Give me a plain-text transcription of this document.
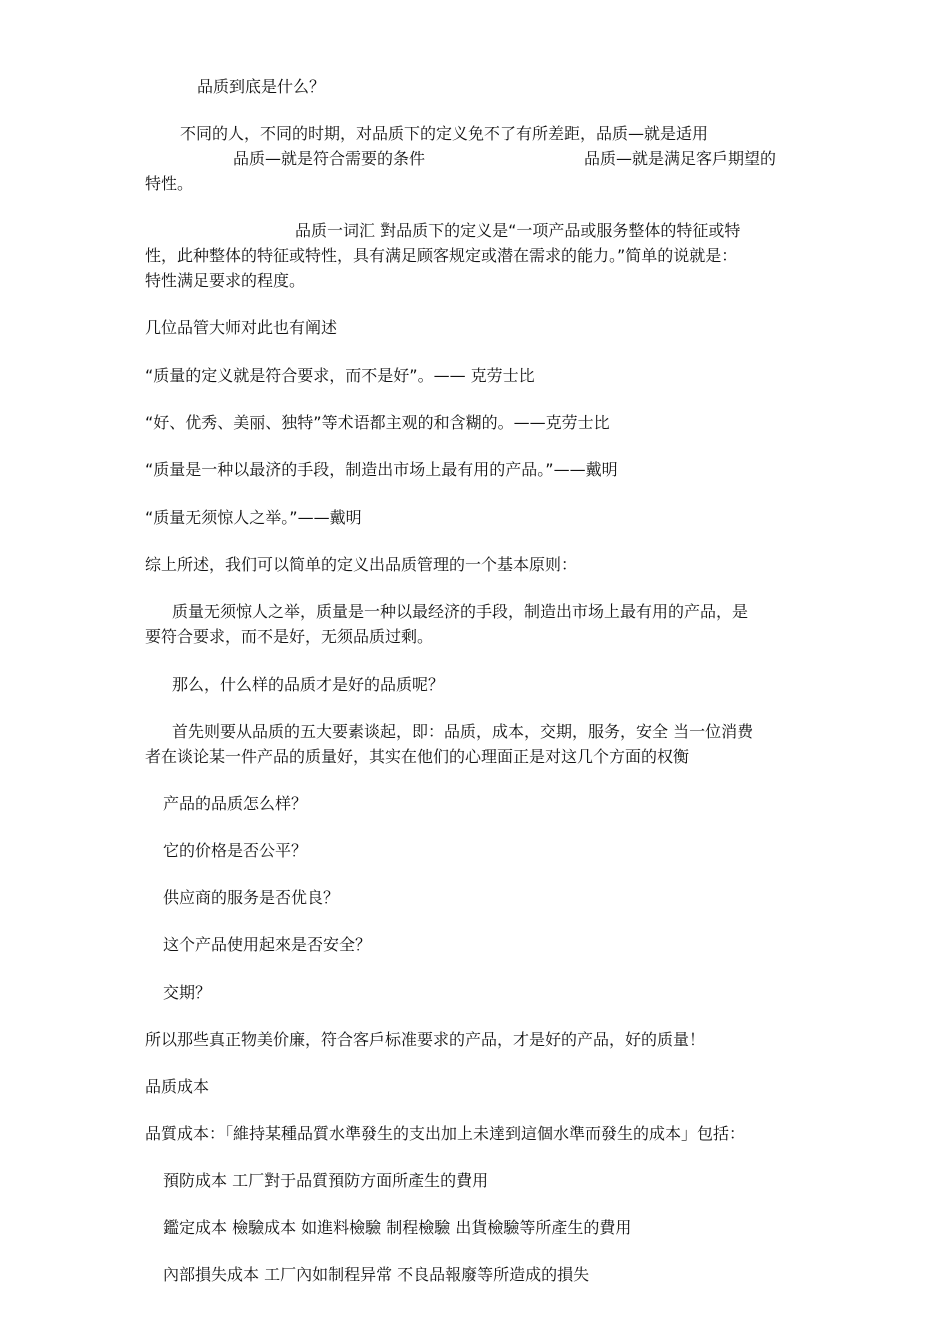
品质到底是什么？
不同的人，不同的时期，对品质下的定义免不了有所差距，品质—就是适用
品质—就是符合需要的条件	品质—就是满足客戶期望的
特性。
品质一词汇 對品质下的定义是“一项产品或服务整体的特征或特
性，此种整体的特征或特性，具有满足顾客规定或潜在需求的能力。”简单的说就是：
特性满足要求的程度。
几位品管大师对此也有阐述
“质量的定义就是符合要求，而不是好”。—— 克劳士比
“好、优秀、美丽、独特”等术语都主观的和含糊的。——克劳士比
“质量是一种以最济的手段，制造出市场上最有用的产品。”——戴明
“质量无须惊人之举。”——戴明
综上所述，我们可以简单的定义出品质管理的一个基本原则：
质量无须惊人之举，质量是一种以最经济的手段，制造出市场上最有用的产品，是
要符合要求，而不是好，无须品质过剩。
那么，什么样的品质才是好的品质呢？
首先则要从品质的五大要素谈起，即：品质，成本，交期，服务，安全 当一位消费
者在谈论某一件产品的质量好，其实在他们的心理面正是对这几个方面的权衡
产品的品质怎么样？
它的价格是否公平？
供应商的服务是否优良？
这个产品使用起來是否安全？
交期？
所以那些真正物美价廉，符合客戶标准要求的产品，才是好的产品，好的质量！
品质成本
品質成本：「維持某種品質水準發生的支出加上未達到這個水準而發生的成本」包括：
預防成本 工厂對于品質預防方面所產生的費用
鑑定成本 檢驗成本 如進料檢驗 制程檢驗 出貨檢驗等所產生的費用
內部損失成本 工厂內如制程异常 不良品報廢等所造成的損失
